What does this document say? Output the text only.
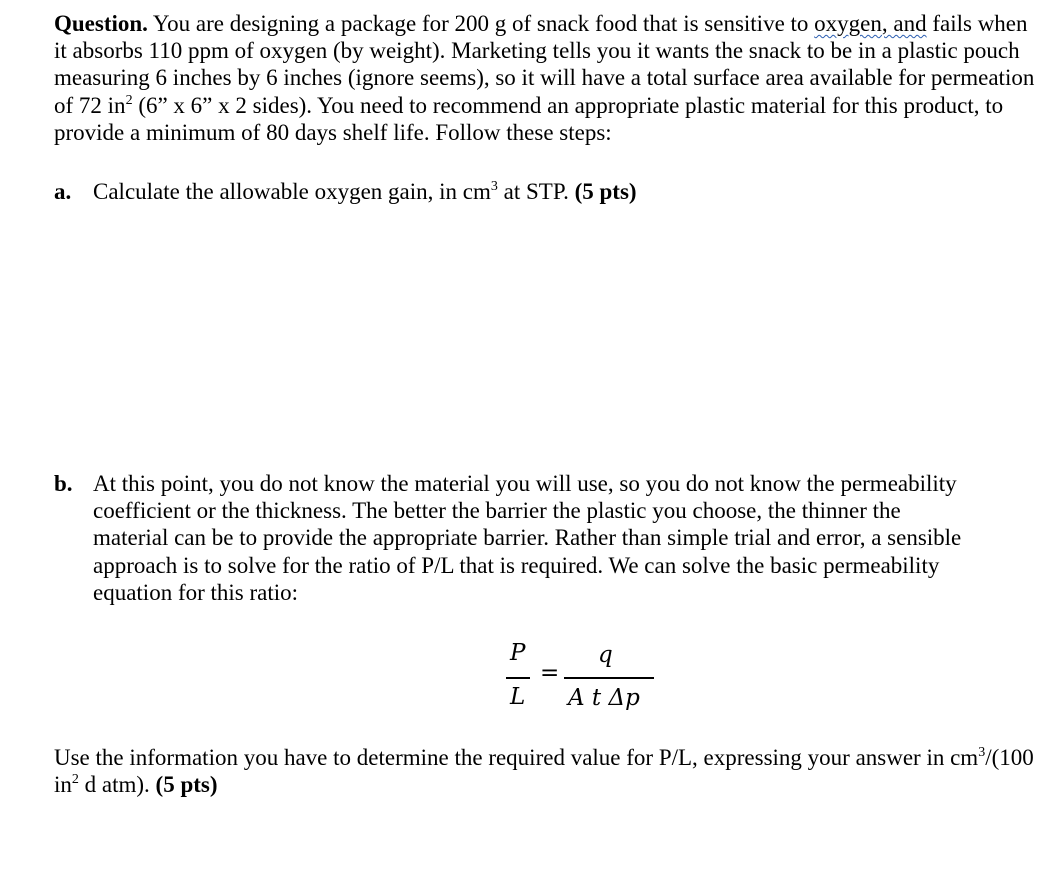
Question. You are designing a package for 200 g of snack food that is sensitive to oxygen, and fails when it absorbs 110 ppm of oxygen (by weight). Marketing tells you it wants the snack to be in a plastic pouch measuring 6 inches by 6 inches (ignore seems), so it will have a total surface area available for permeation of 72 $in^2$ (6” x 6” x 2 sides). You need to recommend an appropriate plastic material for this product, to provide a minimum of 80 days shelf life. Follow these steps:

a. Calculate the allowable oxygen gain, in $cm^3$ at STP. (5 pts)
b. At this point, you do not know the material you will use, so you do not know the permeability coefficient or the thickness. The better the barrier the plastic you choose, the thinner the material can be to provide the appropriate barrier. Rather than simple trial and error, a sensible approach is to solve for the ratio of P/L that is required. We can solve the basic permeability equation for this ratio:
P
L
=
q
A t Δp

Use the information you have to determine the required value for P/L, expressing your answer in $cm^3/(100$ $in^2$ d atm). (5 pts)
